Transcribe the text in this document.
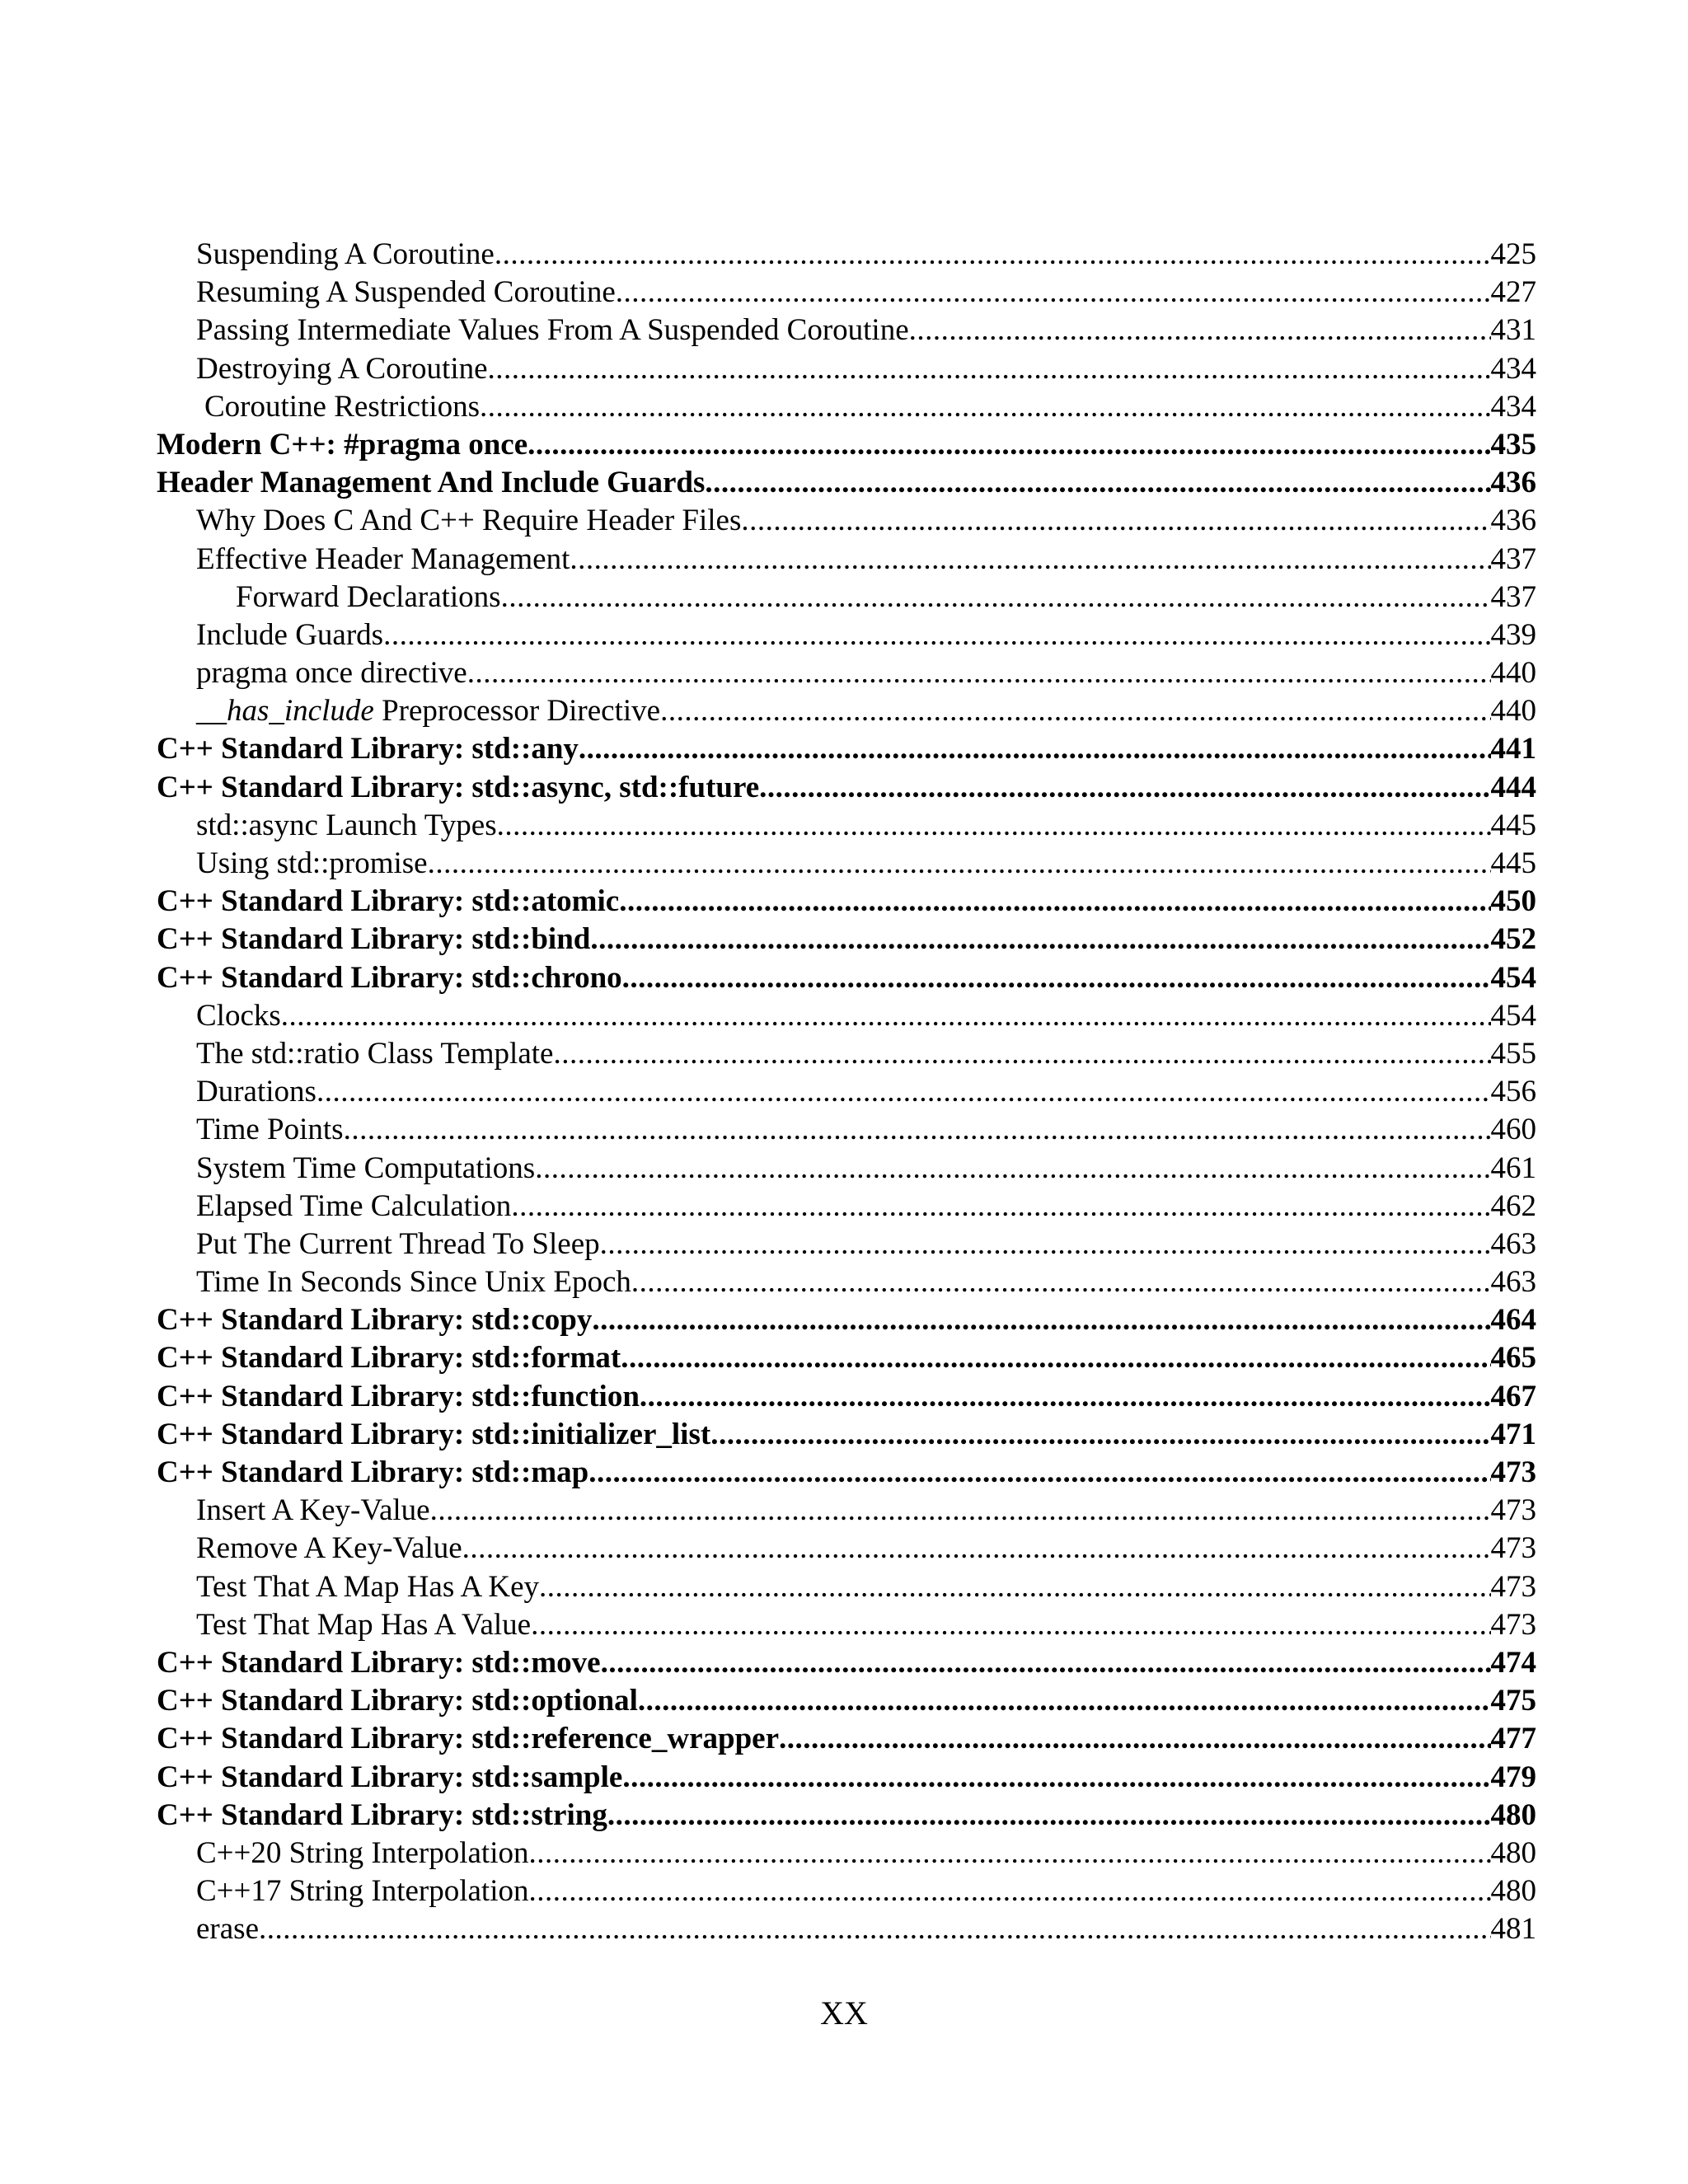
Suspending A Coroutine .....	425
Resuming A Suspended Coroutine .....	427
Passing Intermediate Values From A Suspended Coroutine .....	431
Destroying A Coroutine .....	434
Coroutine Restrictions .....	434
Modern C++: #pragma once .....	435
Header Management And Include Guards .....	436
Why Does C And C++ Require Header Files .....	436
Effective Header Management .....	437
Forward Declarations .....	437
Include Guards .....	439
pragma once directive .....	440
__has_include Preprocessor Directive .....	440
C++ Standard Library: std::any .....	441
C++ Standard Library: std::async, std::future .....	444
std::async Launch Types .....	445
Using std::promise .....	445
C++ Standard Library: std::atomic .....	450
C++ Standard Library: std::bind .....	452
C++ Standard Library: std::chrono .....	454
Clocks .....	454
The std::ratio Class Template .....	455
Durations .....	456
Time Points .....	460
System Time Computations .....	461
Elapsed Time Calculation .....	462
Put The Current Thread To Sleep .....	463
Time In Seconds Since Unix Epoch .....	463
C++ Standard Library: std::copy .....	464
C++ Standard Library: std::format .....	465
C++ Standard Library: std::function .....	467
C++ Standard Library: std::initializer_list .....	471
C++ Standard Library: std::map .....	473
Insert A Key-Value .....	473
Remove A Key-Value .....	473
Test That A Map Has A Key .....	473
Test That Map Has A Value .....	473
C++ Standard Library: std::move .....	474
C++ Standard Library: std::optional .....	475
C++ Standard Library: std::reference_wrapper .....	477
C++ Standard Library: std::sample .....	479
C++ Standard Library: std::string .....	480
C++20 String Interpolation .....	480
C++17 String Interpolation .....	480
erase .....	481
XX
